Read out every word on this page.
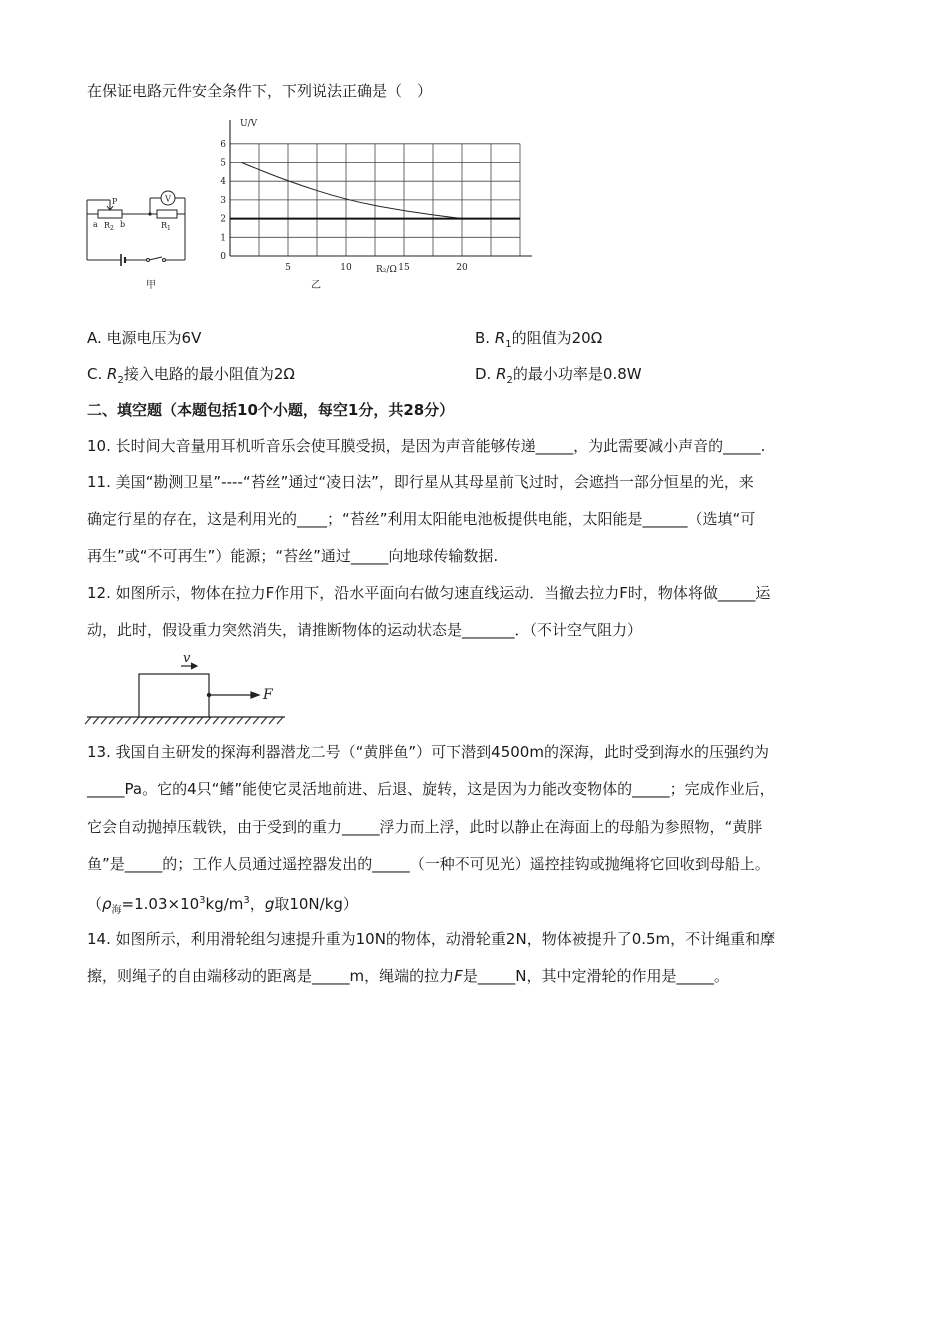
在保证电路元件安全条件下，下列说法正确是（　）
V
P
a $R_2$ b	$R_1$
甲
5	10	15	20
0
1
2
3
4
5
6
U/V
R₂/Ω
乙
A. 电源电压为6V	B. $R_1$的阻值为20Ω
C. $R_2$接入电路的最小阻值为2Ω	D. $R_2$的最小功率是0.8W
二、填空题（本题包括10个小题，每空1分，共28分）
10. 长时间大音量用耳机听音乐会使耳膜受损，是因为声音能够传递_____，为此需要减小声音的_____.
11. 美国“勘测卫星”----“苔丝”通过“凌日法”，即行星从其母星前飞过时，会遮挡一部分恒星的光，来
确定行星的存在，这是利用光的____；“苔丝”利用太阳能电池板提供电能，太阳能是______（选填“可
再生”或“不可再生”）能源；“苔丝”通过_____向地球传输数据.
12. 如图所示，物体在拉力F作用下，沿水平面向右做匀速直线运动．当撤去拉力F时，物体将做_____运
动，此时，假设重力突然消失，请推断物体的运动状态是_______．（不计空气阻力）
v
F
13. 我国自主研发的探海利器潜龙二号（“黄胖鱼”）可下潜到4500m的深海，此时受到海水的压强约为
_____Pa。它的4只“鳍”能使它灵活地前进、后退、旋转，这是因为力能改变物体的_____；完成作业后，
它会自动抛掉压载铁，由于受到的重力_____浮力而上浮，此时以静止在海面上的母船为参照物，“黄胖
鱼”是_____的；工作人员通过遥控器发出的_____（一种不可见光）遥控挂钩或抛绳将它回收到母船上。
（$\rho_海=1.03\times 10^3kg/m^3$，g取10N/kg）
14. 如图所示，利用滑轮组匀速提升重为10N的物体，动滑轮重2N，物体被提升了0.5m，不计绳重和摩
擦，则绳子的自由端移动的距离是_____m，绳端的拉力F是_____N，其中定滑轮的作用是_____。
